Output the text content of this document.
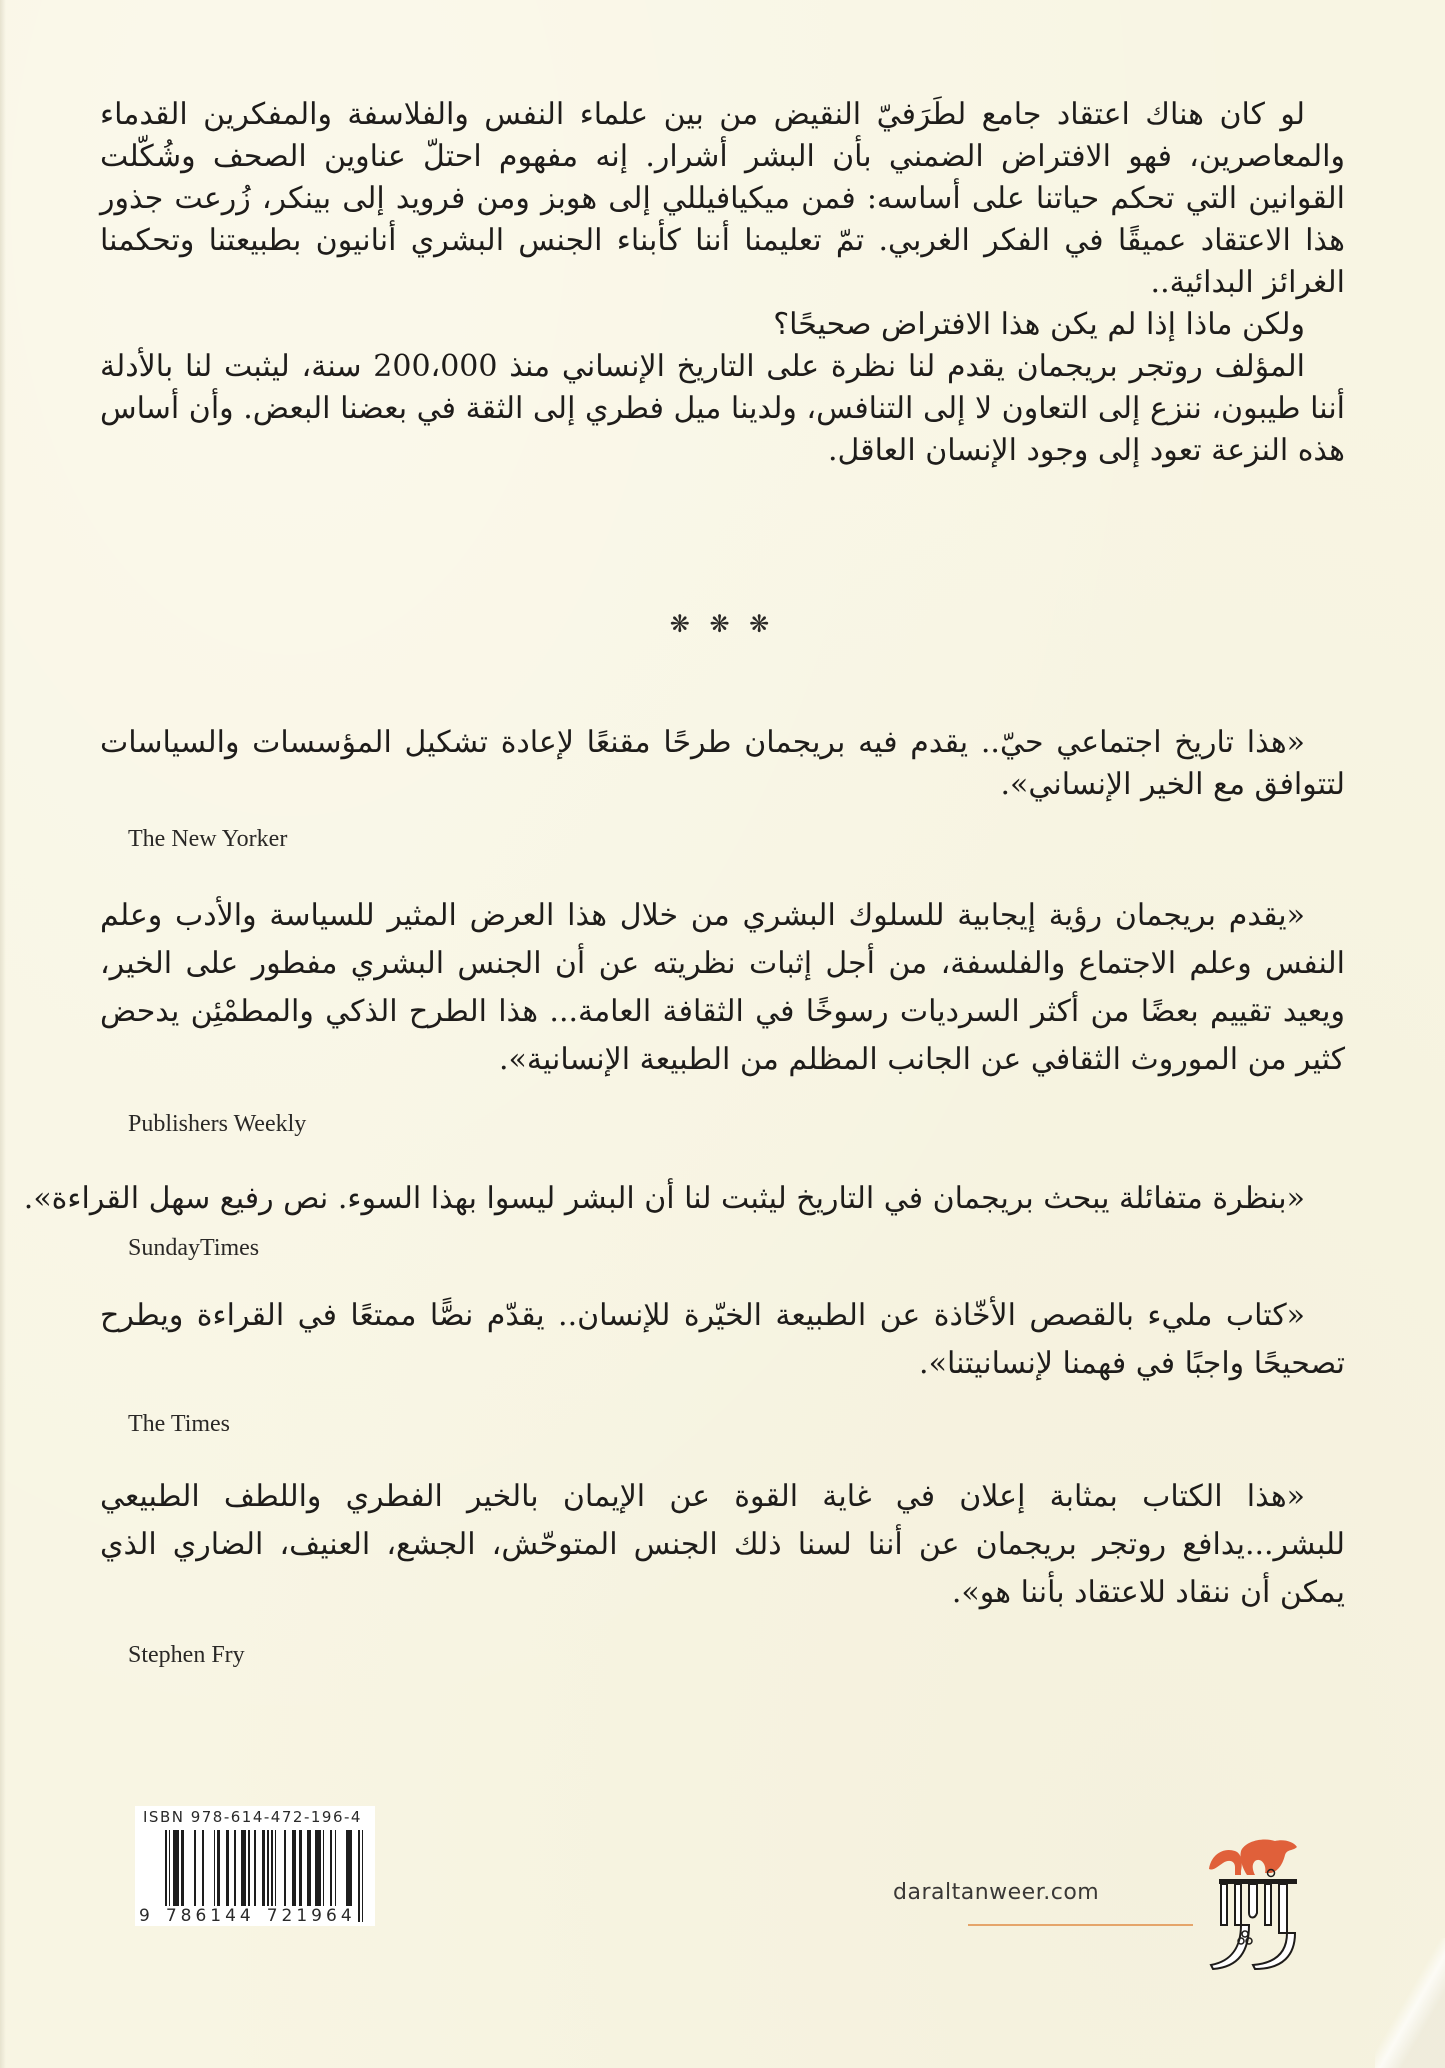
لو كان هناك اعتقاد جامع لطَرَفيّ النقيض من بين علماء النفس والفلاسفة والمفكرين القدماء
والمعاصرين، فهو الافتراض الضمني بأن البشر أشرار. إنه مفهوم احتلّ عناوين الصحف وشُكّلت
القوانين التي تحكم حياتنا على أساسه: فمن ميكيافيللي إلى هوبز ومن فرويد إلى بينكر، زُرعت جذور
هذا الاعتقاد عميقًا في الفكر الغربي. تمّ تعليمنا أننا كأبناء الجنس البشري أنانيون بطبيعتنا وتحكمنا
الغرائز البدائية..
ولكن ماذا إذا لم يكن هذا الافتراض صحيحًا؟
المؤلف روتجر بريجمان يقدم لنا نظرة على التاريخ الإنساني منذ 200،000 سنة، ليثبت لنا بالأدلة
أننا طيبون، ننزع إلى التعاون لا إلى التنافس، ولدينا ميل فطري إلى الثقة في بعضنا البعض. وأن أساس
هذه النزعة تعود إلى وجود الإنسان العاقل.
❋ ❋ ❋
«هذا تاريخ اجتماعي حيّ.. يقدم فيه بريجمان طرحًا مقنعًا لإعادة تشكيل المؤسسات والسياسات
لتتوافق مع الخير الإنساني».
«يقدم بريجمان رؤية إيجابية للسلوك البشري من خلال هذا العرض المثير للسياسة والأدب وعلم
النفس وعلم الاجتماع والفلسفة، من أجل إثبات نظريته عن أن الجنس البشري مفطور على الخير،
ويعيد تقييم بعضًا من أكثر السرديات رسوخًا في الثقافة العامة... هذا الطرح الذكي والمطمْئِن يدحض
كثير من الموروث الثقافي عن الجانب المظلم من الطبيعة الإنسانية».
«بنظرة متفائلة يبحث بريجمان في التاريخ ليثبت لنا أن البشر ليسوا بهذا السوء. نص رفيع سهل القراءة».
«كتاب مليء بالقصص الأخّاذة عن الطبيعة الخيّرة للإنسان.. يقدّم نصًّا ممتعًا في القراءة ويطرح
تصحيحًا واجبًا في فهمنا لإنسانيتنا».
«هذا الكتاب بمثابة إعلان في غاية القوة عن الإيمان بالخير الفطري واللطف الطبيعي
للبشر...يدافع روتجر بريجمان عن أننا لسنا ذلك الجنس المتوحّش، الجشع، العنيف، الضاري الذي
يمكن أن ننقاد للاعتقاد بأننا هو».
The New Yorker
Publishers Weekly
SundayTimes
The Times
Stephen Fry
ISBN 978-614-472-196-4
9 786144 721964
daraltanweer.com
